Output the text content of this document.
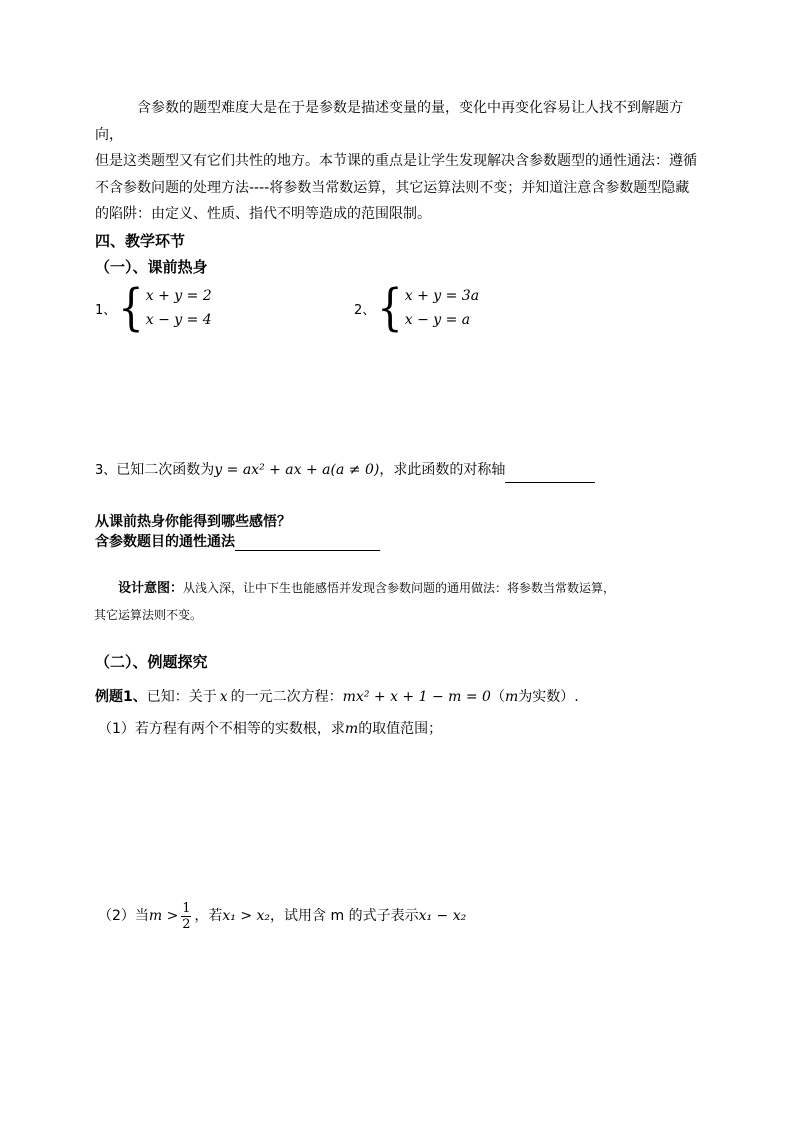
含参数的题型难度大是在于是参数是描述变量的量，变化中再变化容易让人找不到解题方向，

但是这类题型又有它们共性的地方。本节课的重点是让学生发现解决含参数题型的通性通法：遵循

不含参数问题的处理方法----将参数当常数运算，其它运算法则不变；并知道注意含参数题型隐藏

的陷阱：由定义、性质、指代不明等造成的范围限制。

四、教学环节
（一）、课前热身
1、 { x + y = 2
x − y = 4
2、 { x + y = 3a
x − y = a
3、已知二次函数为y = ax² + ax + a(a ≠ 0)，求此函数的对称轴
从课前热身你能得到哪些感悟？
含参数题目的通性通法
设计意图：从浅入深，让中下生也能感悟并发现含参数问题的通用做法：将参数当常数运算，
其它运算法则不变。
（二）、例题探究
例题1、已知：关于 x 的一元二次方程：mx² + x + 1 − m = 0（m为实数）.
（1）若方程有两个不相等的实数根，求m的取值范围；
（2）当$m > \frac{1}{2}$ ，若x₁ > x₂，试用含 m 的式子表示x₁ − x₂
